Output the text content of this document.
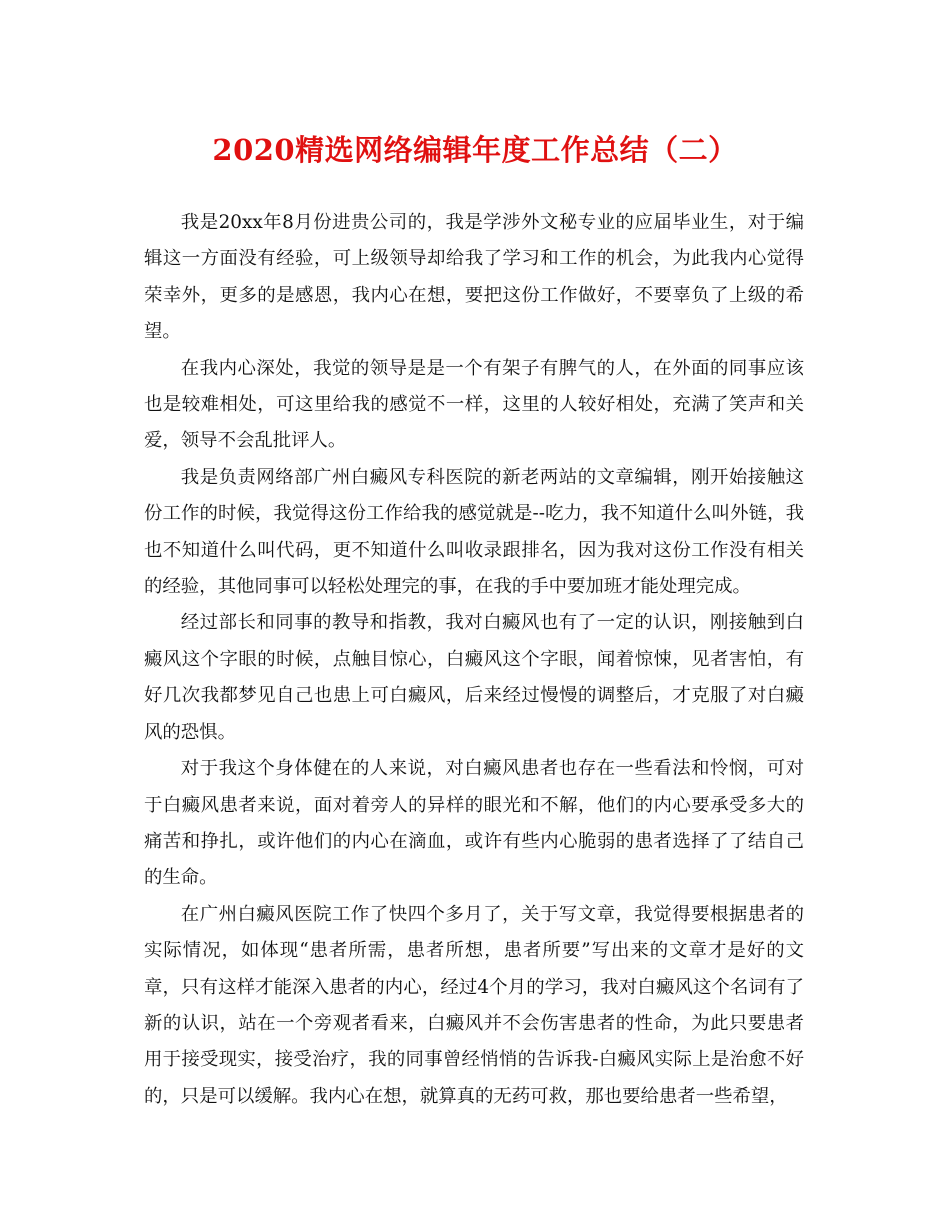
2020精选网络编辑年度工作总结（二）

我是20xx年8月份进贵公司的，我是学涉外文秘专业的应届毕业生，对于编辑这一方面没有经验，可上级领导却给我了学习和工作的机会，为此我内心觉得荣幸外，更多的是感恩，我内心在想，要把这份工作做好，不要辜负了上级的希望。

在我内心深处，我觉的领导是是一个有架子有脾气的人，在外面的同事应该也是较难相处，可这里给我的感觉不一样，这里的人较好相处，充满了笑声和关爱，领导不会乱批评人。

我是负责网络部广州白癜风专科医院的新老两站的文章编辑，刚开始接触这份工作的时候，我觉得这份工作给我的感觉就是--吃力，我不知道什么叫外链，我也不知道什么叫代码，更不知道什么叫收录跟排名，因为我对这份工作没有相关的经验，其他同事可以轻松处理完的事，在我的手中要加班才能处理完成。

经过部长和同事的教导和指教，我对白癜风也有了一定的认识，刚接触到白癜风这个字眼的时候，点触目惊心，白癜风这个字眼，闻着惊悚，见者害怕，有好几次我都梦见自己也患上可白癜风，后来经过慢慢的调整后，才克服了对白癜风的恐惧。

对于我这个身体健在的人来说，对白癜风患者也存在一些看法和怜悯，可对于白癜风患者来说，面对着旁人的异样的眼光和不解，他们的内心要承受多大的痛苦和挣扎，或许他们的内心在滴血，或许有些内心脆弱的患者选择了了结自己的生命。

在广州白癜风医院工作了快四个多月了，关于写文章，我觉得要根据患者的实际情况，如体现“患者所需，患者所想，患者所要”写出来的文章才是好的文章，只有这样才能深入患者的内心，经过4个月的学习，我对白癜风这个名词有了新的认识，站在一个旁观者看来，白癜风并不会伤害患者的性命，为此只要患者用于接受现实，接受治疗，我的同事曾经悄悄的告诉我-白癜风实际上是治愈不好的，只是可以缓解。我内心在想，就算真的无药可救，那也要给患者一些希望，
